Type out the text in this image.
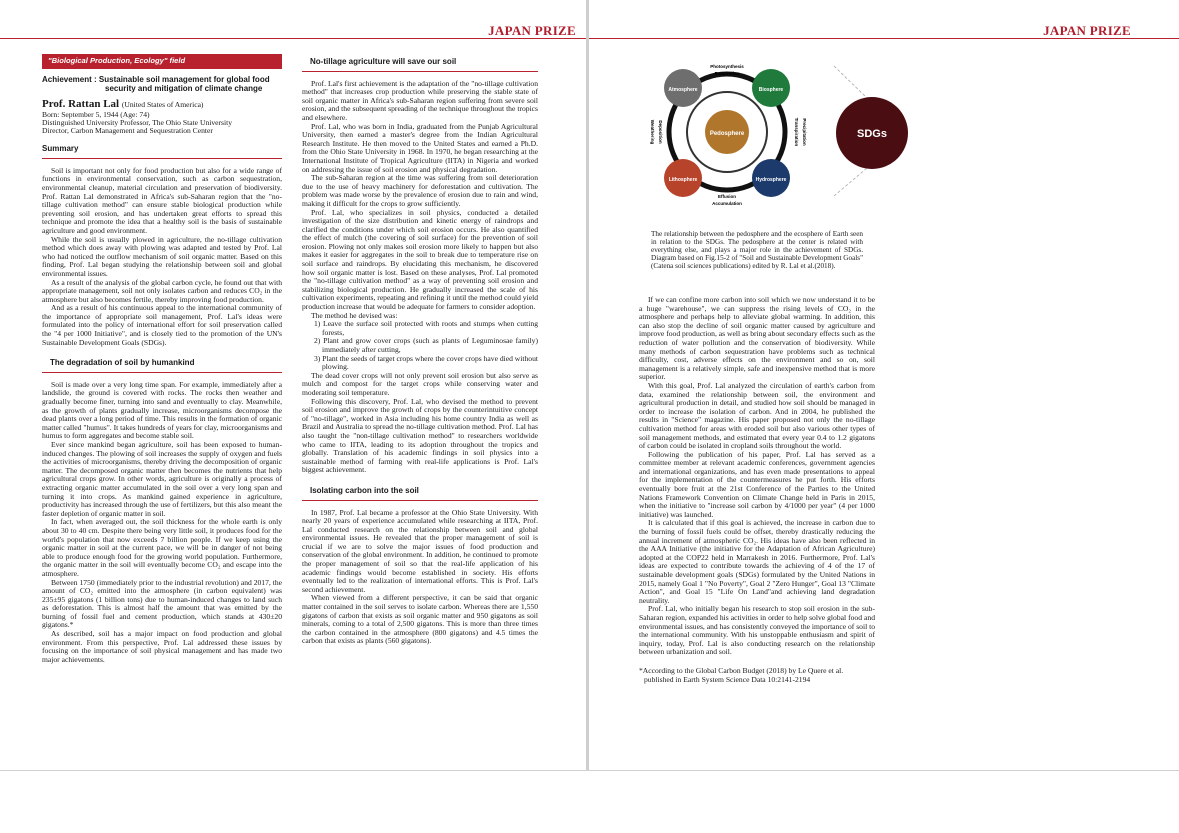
JAPAN PRIZE
"Biological Production, Ecology" field
Achievement : Sustainable soil management for global food
security and mitigation of climate change
Prof. Rattan Lal (United States of America)
Born: September 5, 1944 (Age: 74)
Distinguished University Professor, The Ohio State University
Director, Carbon Management and Sequestration Center
Summary

Soil is important not only for food production but also for a wide range of functions in environmental conservation, such as carbon sequestration, environmental cleanup, material circulation and preservation of biodiversity. Prof. Rattan Lal demonstrated in Africa's sub-Saharan region that the "no-tillage cultivation method" can ensure stable biological production while preventing soil erosion, and has undertaken great efforts to spread this technique and promote the idea that a healthy soil is the basis of sustainable agriculture and good environment.

While the soil is usually plowed in agriculture, the no-tillage cultivation method which does away with plowing was adapted and tested by Prof. Lal who had noticed the outflow mechanism of soil organic matter. Based on this finding, Prof. Lal began studying the relationship between soil and global environmental issues.

As a result of the analysis of the global carbon cycle, he found out that with appropriate management, soil not only isolates carbon and reduces CO₂ in the atmosphere but also becomes fertile, thereby improving food production.

And as a result of his continuous appeal to the international community of the importance of appropriate soil management, Prof. Lal's ideas were formulated into the policy of international effort for soil preservation called the "4 per 1000 Initiative", and is closely tied to the promotion of the UN's Sustainable Development Goals (SDGs).

The degradation of soil by humankind

Soil is made over a very long time span. For example, immediately after a landslide, the ground is covered with rocks. The rocks then weather and gradually become finer, turning into sand and eventually to clay. Meanwhile, as the growth of plants gradually increase, microorganisms decompose the dead plants over a long period of time. This results in the formation of organic matter called "humus". It takes hundreds of years for clay, microorganisms and humus to form aggregates and become stable soil.

Ever since mankind began agriculture, soil has been exposed to human-induced changes. The plowing of soil increases the supply of oxygen and fuels the activities of microorganisms, thereby driving the decomposition of organic matter. The decomposed organic matter then becomes the nutrients that help agricultural crops grow. In other words, agriculture is originally a process of extracting organic matter accumulated in the soil over a very long span and turning it into crops. As mankind gained experience in agriculture, productivity has increased through the use of fertilizers, but this also meant the faster depletion of organic matter in soil.

In fact, when averaged out, the soil thickness for the whole earth is only about 30 to 40 cm. Despite there being very little soil, it produces food for the world's population that now exceeds 7 billion people. If we keep using the organic matter in soil at the current pace, we will be in danger of not being able to produce enough food for the growing world population. Furthermore, the organic matter in the soil will eventually become CO₂ and escape into the atmosphere.

Between 1750 (immediately prior to the industrial revolution) and 2017, the amount of CO₂ emitted into the atmosphere (in carbon equivalent) was 235±95 gigatons (1 billion tons) due to human-induced changes to land such as deforestation. This is almost half the amount that was emitted by the burning of fossil fuel and cement production, which stands at 430±20 gigatons.*

As described, soil has a major impact on food production and global environment. From this perspective, Prof. Lal addressed these issues by focusing on the importance of soil physical management and has made two major achievements.

No-tillage agriculture will save our soil

Prof. Lal's first achievement is the adaptation of the "no-tillage cultivation method" that increases crop production while preserving the stable state of soil organic matter in Africa's sub-Saharan region suffering from severe soil erosion, and the subsequent spreading of the technique throughout the tropics and elsewhere.

Prof. Lal, who was born in India, graduated from the Punjab Agricultural University, then earned a master's degree from the Indian Agricultural Research Institute. He then moved to the United States and earned a Ph.D. from the Ohio State University in 1968. In 1970, he began researching at the International Institute of Tropical Agriculture (IITA) in Nigeria and worked on addressing the issue of soil erosion and physical degradation.

The sub-Saharan region at the time was suffering from soil deterioration due to the use of heavy machinery for deforestation and cultivation. The problem was made worse by the prevalence of erosion due to rain and wind, making it difficult for the crops to grow sufficiently.

Prof. Lal, who specializes in soil physics, conducted a detailed investigation of the size distribution and kinetic energy of raindrops and clarified the conditions under which soil erosion occurs. He also quantified the effect of mulch (the covering of soil surface) for the prevention of soil erosion. Plowing not only makes soil erosion more likely to happen but also makes it easier for aggregates in the soil to break due to temperature rise on soil surface and raindrops. By elucidating this mechanism, he discovered how soil organic matter is lost. Based on these analyses, Prof. Lal promoted the "no-tillage cultivation method" as a way of preventing soil erosion and stabilizing biological production. He gradually increased the scale of his cultivation experiments, repeating and refining it until the method could yield production increase that would be adequate for farmers to consider adoption.

The method he devised was:

1) Leave the surface soil protected with roots and stumps when cutting forests,
2) Plant and grow cover crops (such as plants of Leguminosae family) immediately after cutting,
3) Plant the seeds of target crops where the cover crops have died without plowing.

The dead cover crops will not only prevent soil erosion but also serve as mulch and compost for the target crops while conserving water and moderating soil temperature.

Following this discovery, Prof. Lal, who devised the method to prevent soil erosion and improve the growth of crops by the counterintuitive concept of "no-tillage", worked in Asia including his home country India as well as Brazil and Australia to spread the no-tillage cultivation method. Prof. Lal has also taught the "non-tillage cultivation method" to researchers worldwide who came to IITA, leading to its adoption throughout the tropics and globally. Translation of his academic findings in soil physics into a sustainable method of farming with real-life applications is Prof. Lal's biggest achievement.

Isolating carbon into the soil

In 1987, Prof. Lal became a professor at the Ohio State University. With nearly 20 years of experience accumulated while researching at IITA, Prof. Lal conducted research on the relationship between soil and global environmental issues. He revealed that the proper management of soil is crucial if we are to solve the major issues of food production and conservation of the global environment. In addition, he continued to promote the proper management of soil so that the real-life application of his academic findings would become established in society. His efforts eventually led to the realization of international efforts. This is Prof. Lal's second achievement.

When viewed from a different perspective, it can be said that organic matter contained in the soil serves to isolate carbon. Whereas there are 1,550 gigatons of carbon that exists as soil organic matter and 950 gigatons as soil minerals, coming to a total of 2,500 gigatons. This is more than three times the carbon contained in the atmosphere (800 gigatons) and 4.5 times the carbon that exists as plants (560 gigatons).

JAPAN PRIZE
Pedosphere
Atmosphere	Biosphere
Lithosphere	Hydrosphere
SDGs
Photosynthesis
Respiration
Effusion
Accumulation
Deposition
Weathering	Transpiration Precipitation
The relationship between the pedosphere and the ecosphere of Earth seen in relation to the SDGs. The pedosphere at the center is related with everything else, and plays a major role in the achievement of SDGs. Diagram based on Fig.15-2 of "Soil and Sustainable Development Goals" (Catena soil sciences publications) edited by R. Lal et al.(2018).

If we can confine more carbon into soil which we now understand it to be a huge "warehouse", we can suppress the rising levels of CO₂ in the atmosphere and perhaps help to alleviate global warming. In addition, this can also stop the decline of soil organic matter caused by agriculture and improve food production, as well as bring about secondary effects such as the reduction of water pollution and the conservation of biodiversity. While many methods of carbon sequestration have problems such as technical difficulty, cost, adverse effects on the environment and so on, soil management is a relatively simple, safe and inexpensive method that is more superior.

With this goal, Prof. Lal analyzed the circulation of earth's carbon from data, examined the relationship between soil, the environment and agricultural production in detail, and studied how soil should be managed in order to increase the isolation of carbon. And in 2004, he published the results in "Science" magazine. His paper proposed not only the no-tillage cultivation method for areas with eroded soil but also various other types of soil management methods, and estimated that every year 0.4 to 1.2 gigatons of carbon could be isolated in cropland soils throughout the world.

Following the publication of his paper, Prof. Lal has served as a committee member at relevant academic conferences, government agencies and international organizations, and has even made presentations to appeal for the implementation of the countermeasures he put forth. His efforts eventually bore fruit at the 21st Conference of the Parties to the United Nations Framework Convention on Climate Change held in Paris in 2015, when the initiative to "increase soil carbon by 4/1000 per year" (4 per 1000 initiative) was launched.

It is calculated that if this goal is achieved, the increase in carbon due to the burning of fossil fuels could be offset, thereby drastically reducing the annual increment of atmospheric CO₂. His ideas have also been reflected in the AAA Initiative (the initiative for the Adaptation of African Agriculture) adopted at the COP22 held in Marrakesh in 2016. Furthermore, Prof. Lal's ideas are expected to contribute towards the achieving of 4 of the 17 of sustainable development goals (SDGs) formulated by the United Nations in 2015, namely Goal 1 "No Poverty", Goal 2 "Zero Hunger", Goal 13 "Climate Action", and Goal 15 "Life On Land"and achieving land degradation neutrality.

Prof. Lal, who initially began his research to stop soil erosion in the sub-Saharan region, expanded his activities in order to help solve global food and environmental issues, and has consistently conveyed the importance of soil to the international community. With his unstoppable enthusiasm and spirit of inquiry, today, Prof. Lal is also conducting research on the relationship between urbanization and soil.

*According to the Global Carbon Budget (2018) by Le Quere et al.
published in Earth System Science Data 10:2141-2194
